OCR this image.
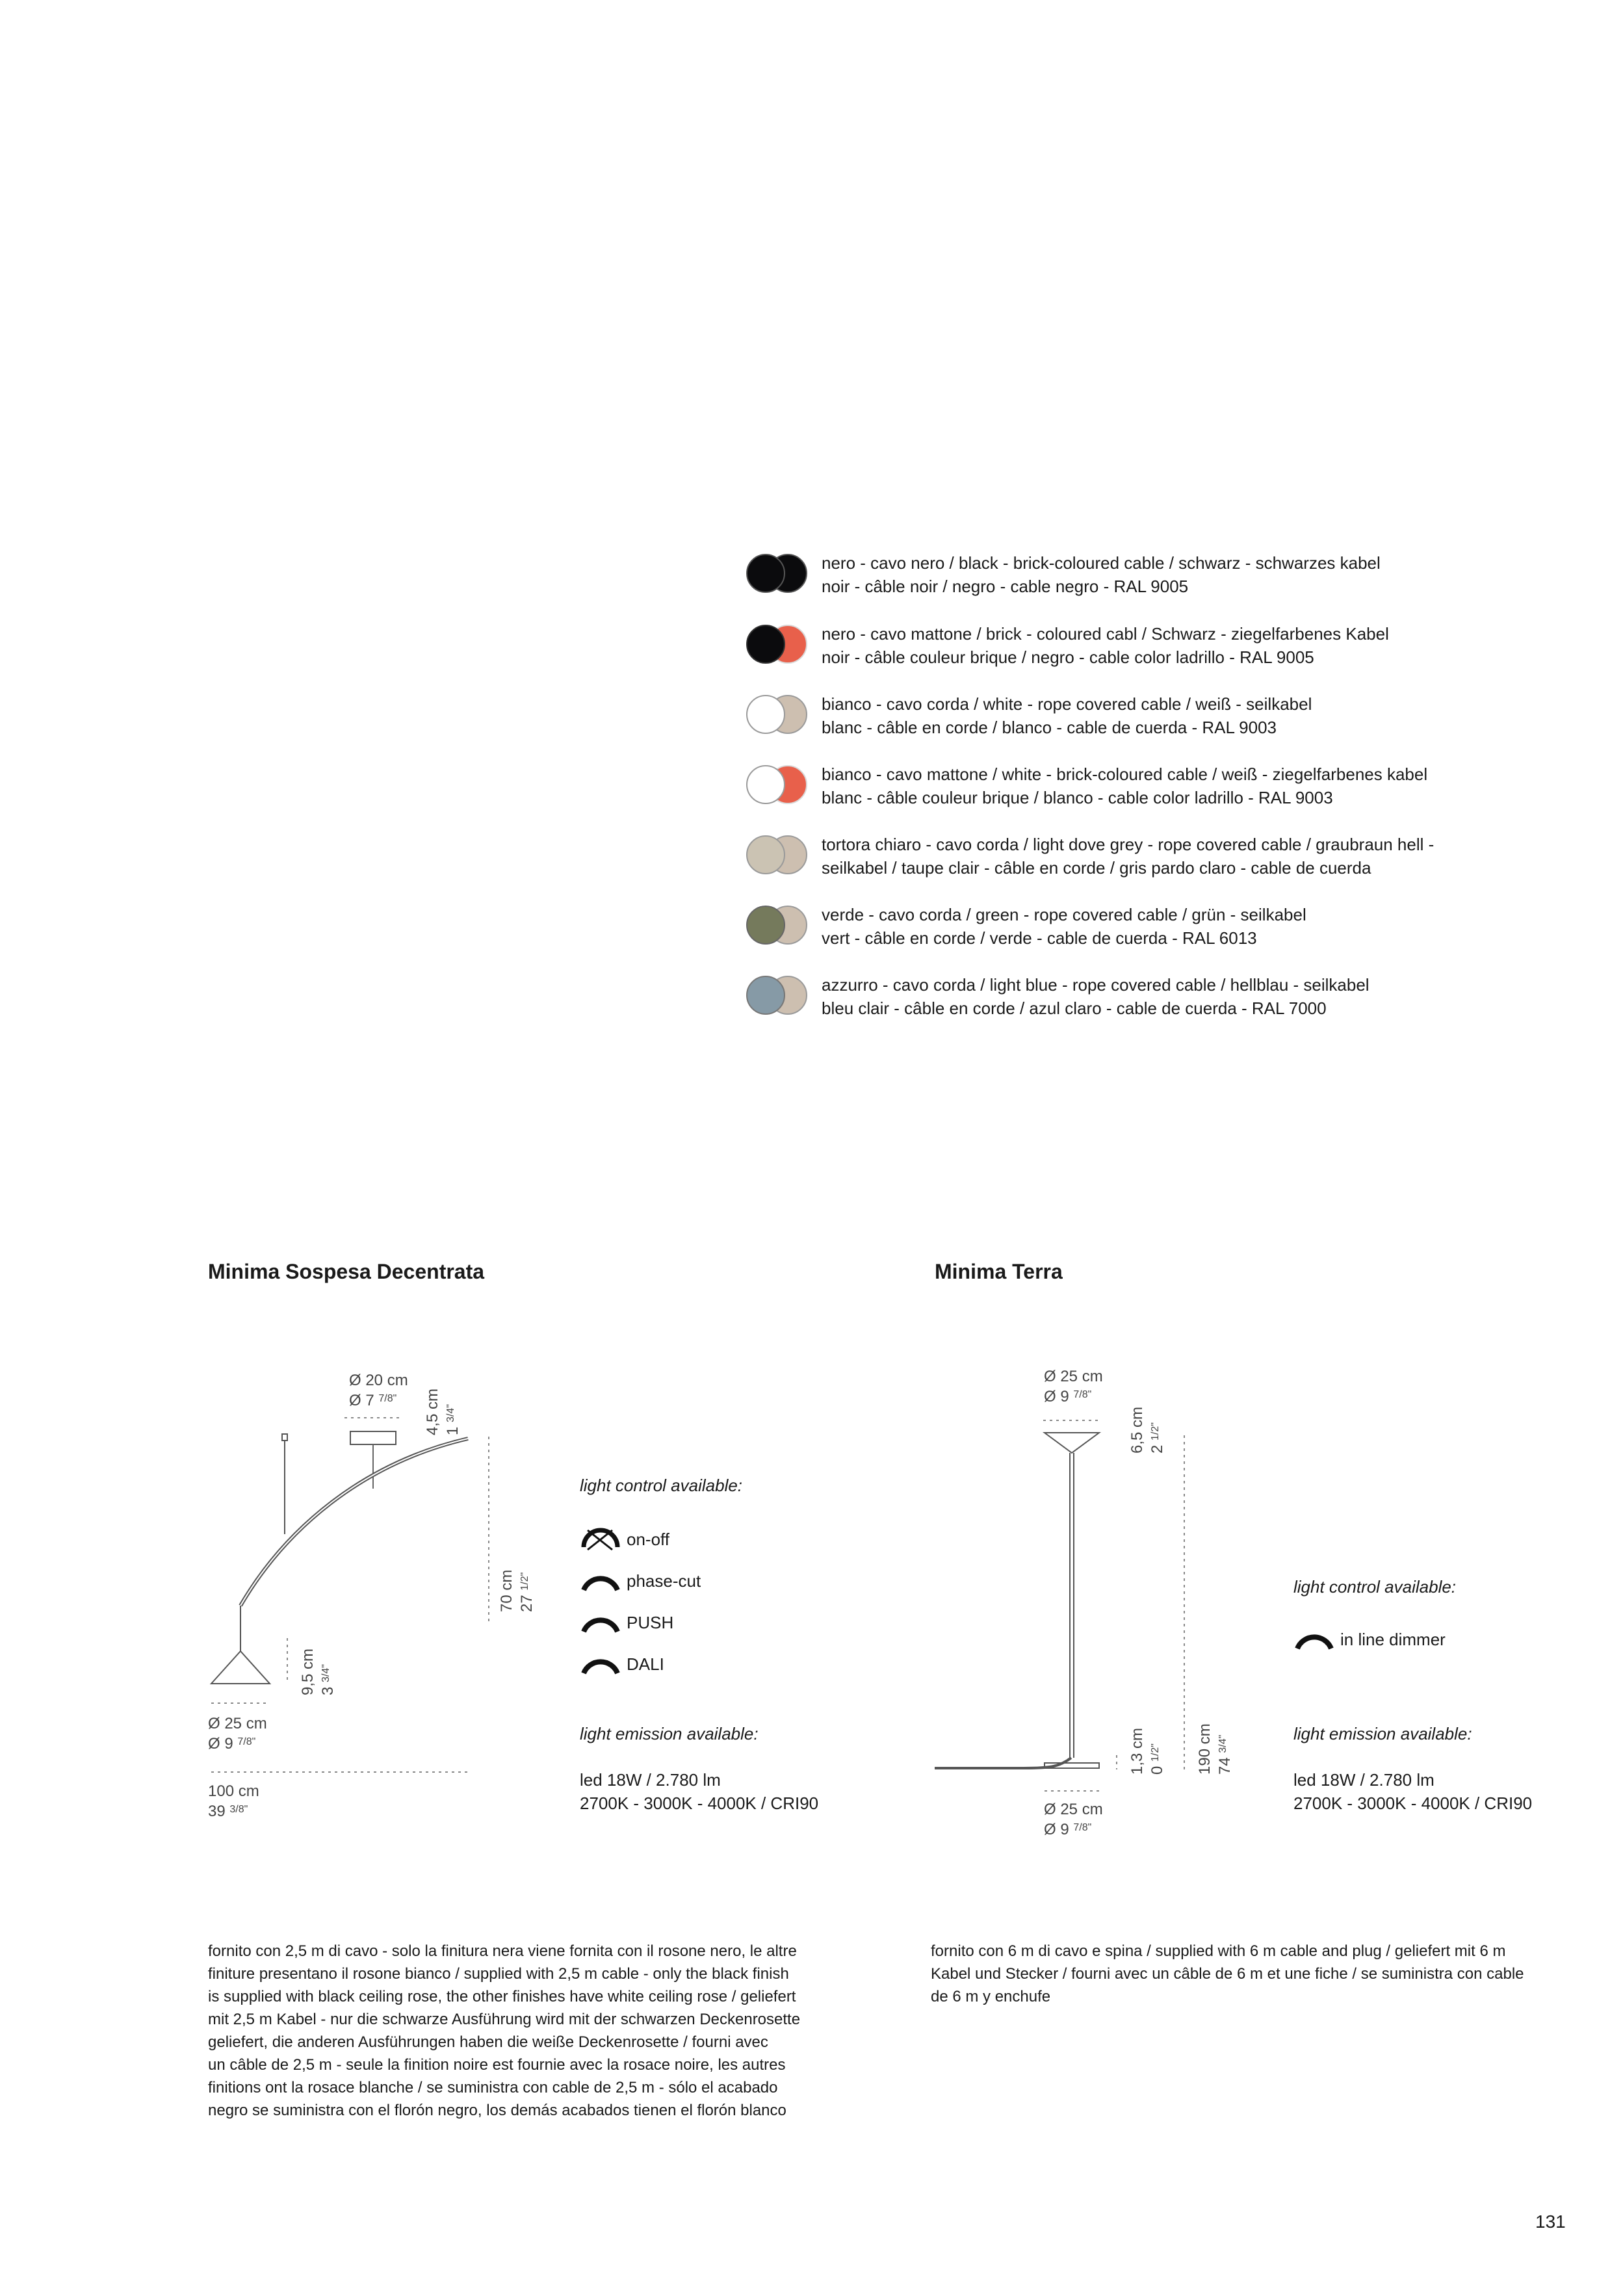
nero - cavo nero / black - brick-coloured cable / schwarz - schwarzes kabel
noir - câble noir / negro - cable negro - RAL 9005
nero - cavo mattone / brick - coloured cabl / Schwarz - ziegelfarbenes Kabel
noir - câble couleur brique / negro - cable color ladrillo - RAL 9005
bianco - cavo corda / white - rope covered cable / weiß - seilkabel
blanc - câble en corde / blanco - cable de cuerda - RAL 9003
bianco - cavo mattone / white - brick-coloured cable / weiß - ziegelfarbenes kabel
blanc - câble couleur brique / blanco - cable color ladrillo - RAL 9003
tortora chiaro - cavo corda / light dove grey - rope covered cable / graubraun hell -
seilkabel / taupe clair - câble en corde / gris pardo claro - cable de cuerda
verde - cavo corda / green - rope covered cable / grün - seilkabel
vert - câble en corde / verde - cable de cuerda - RAL 6013
azzurro - cavo corda / light blue - rope covered cable / hellblau - seilkabel
bleu clair - câble en corde / azul claro - cable de cuerda - RAL 7000
Minima Sospesa Decentrata
Ø 20 cm
Ø 7 $^{7/8"}$	4,5 cm 1 $^{3/4"}$
70 cm 27 $^{1/2"}$
9,5 cm 3 $^{3/4"}$
Ø 25 cm
Ø 9 $^{7/8"}$
100 cm
39 $^{3/8"}$
light control available:
on-off
phase-cut
PUSH
DALI
light emission available:
led 18W / 2.780 lm
2700K - 3000K - 4000K / CRI90
fornito con 2,5 m di cavo - solo la finitura nera viene fornita con il rosone nero, le altre
finiture presentano il rosone bianco / supplied with 2,5 m cable - only the black finish
is supplied with black ceiling rose, the other finishes have white ceiling rose / geliefert
mit 2,5 m Kabel - nur die schwarze Ausführung wird mit der schwarzen Deckenrosette
geliefert, die anderen Ausführungen haben die weiße Deckenrosette / fourni avec
un câble de 2,5 m - seule la finition noire est fournie avec la rosace noire, les autres
finitions ont la rosace blanche / se suministra con cable de 2,5 m - sólo el acabado
negro se suministra con el florón negro, los demás acabados tienen el florón blanco
Minima Terra
Ø 25 cm
Ø 9 $^{7/8"}$
6,5 cm 2 $^{1/2"}$
1,3 cm 0 $^{1/2"}$	190 cm 74 $^{3/4"}$
Ø 25 cm
Ø 9 $^{7/8"}$
light control available:
in line dimmer
light emission available:
led 18W / 2.780 lm
2700K - 3000K - 4000K / CRI90
fornito con 6 m di cavo e spina / supplied with 6 m cable and plug / geliefert mit 6 m
Kabel und Stecker / fourni avec un câble de 6 m et une fiche / se suministra con cable
de 6 m y enchufe
131
